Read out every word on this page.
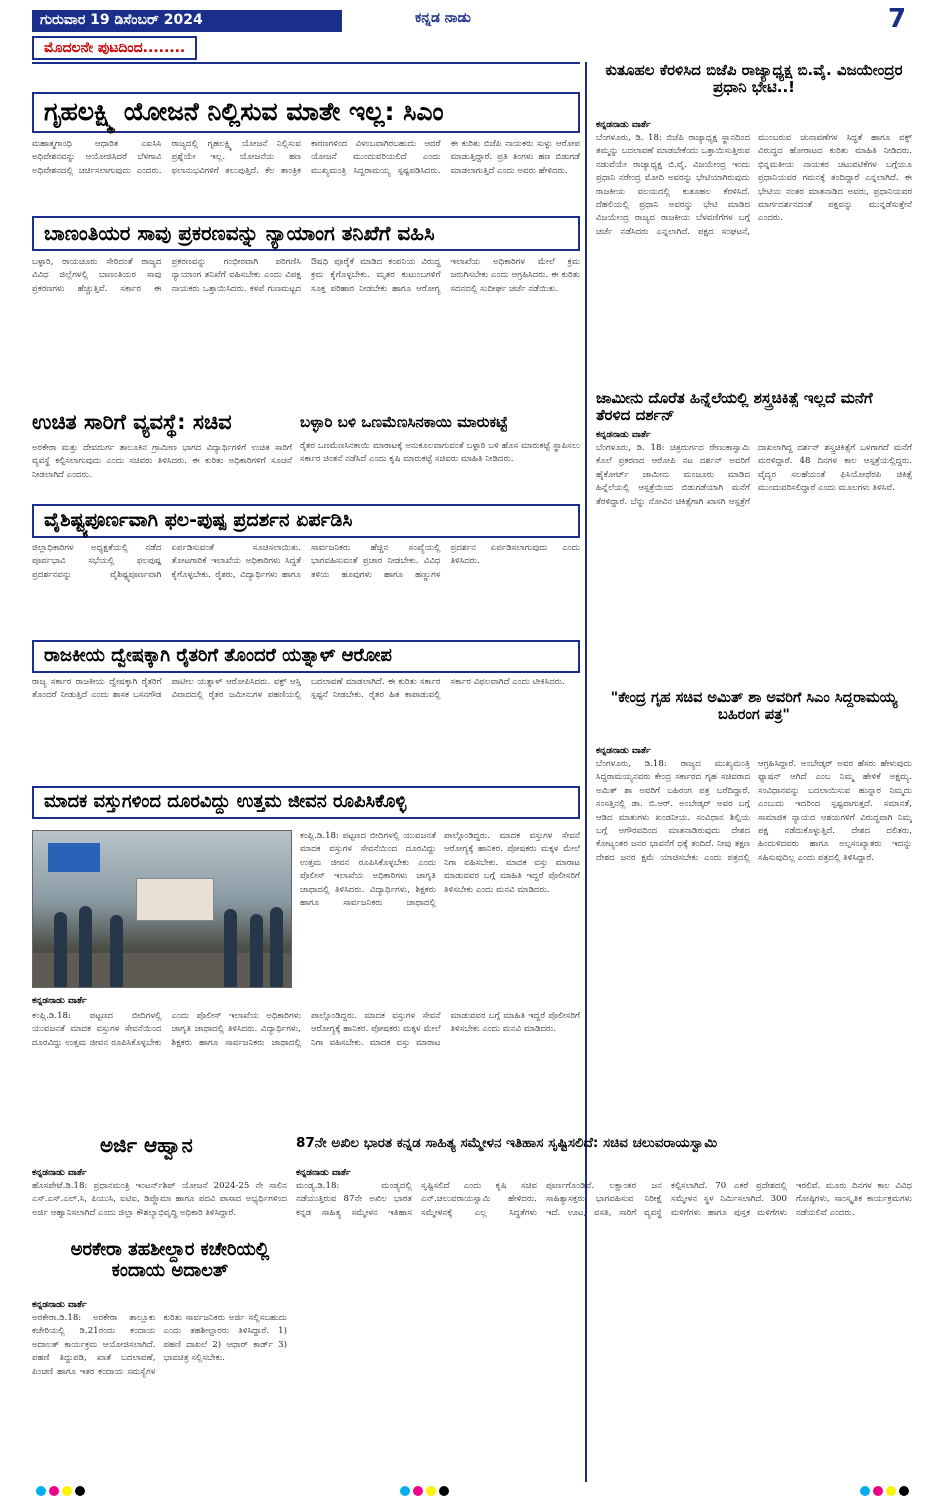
ಗುರುವಾರ 19 ಡಿಸೆಂಬರ್ 2024	ಕನ್ನಡ ನಾಡು	7
ಮೊದಲನೇ ಪುಟದಿಂದ........
ಗೃಹಲಕ್ಷ್ಮಿ ಯೋಜನೆ ನಿಲ್ಲಿಸುವ ಮಾತೇ ಇಲ್ಲ: ಸಿಎಂ
ಮಹಾತ್ಮಗಾಂಧಿ ಆಧಾರಿತ ಎಐಸಿಸಿ ಅಧಿವೇಶನವನ್ನು ಆಯೋಜಿಸಿದರೆ ಬೆಳಗಾವಿ ಅಧಿವೇಶನದಲ್ಲಿ ಚರ್ಚಿಸಲಾಗುವುದು ಎಂದರು. ರಾಜ್ಯದಲ್ಲಿ ಗೃಹಲಕ್ಷ್ಮಿ ಯೋಜನೆ ನಿಲ್ಲಿಸುವ ಪ್ರಶ್ನೆಯೇ ಇಲ್ಲ. ಯೋಜನೆಯ ಹಣ ಫಲಾನುಭವಿಗಳಿಗೆ ತಲುಪುತ್ತಿದೆ. ಕೆಲ ತಾಂತ್ರಿಕ ಕಾರಣಗಳಿಂದ ವಿಳಂಬವಾಗಿರಬಹುದು ಆದರೆ ಯೋಜನೆ ಮುಂದುವರಿಯಲಿದೆ ಎಂದು ಮುಖ್ಯಮಂತ್ರಿ ಸಿದ್ದರಾಮಯ್ಯ ಸ್ಪಷ್ಟಪಡಿಸಿದರು. ಈ ಕುರಿತು ಬಿಜೆಪಿ ನಾಯಕರು ಸುಳ್ಳು ಆರೋಪ ಮಾಡುತ್ತಿದ್ದಾರೆ. ಪ್ರತಿ ತಿಂಗಳು ಹಣ ಬಿಡುಗಡೆ ಮಾಡಲಾಗುತ್ತಿದೆ ಎಂದು ಅವರು ಹೇಳಿದರು.
ಬಾಣಂತಿಯರ ಸಾವು ಪ್ರಕರಣವನ್ನು ನ್ಯಾಯಾಂಗ ತನಿಖೆಗೆ ವಹಿಸಿ
ಬಳ್ಳಾರಿ, ರಾಯಚೂರು ಸೇರಿದಂತೆ ರಾಜ್ಯದ ವಿವಿಧ ಜಿಲ್ಲೆಗಳಲ್ಲಿ ಬಾಣಂತಿಯರ ಸಾವು ಪ್ರಕರಣಗಳು ಹೆಚ್ಚುತ್ತಿವೆ. ಸರ್ಕಾರ ಈ ಪ್ರಕರಣವನ್ನು ಗಂಭೀರವಾಗಿ ಪರಿಗಣಿಸಿ ನ್ಯಾಯಾಂಗ ತನಿಖೆಗೆ ವಹಿಸಬೇಕು ಎಂದು ವಿಪಕ್ಷ ನಾಯಕರು ಒತ್ತಾಯಿಸಿದರು. ಕಳಪೆ ಗುಣಮಟ್ಟದ ಔಷಧಿ ಪೂರೈಕೆ ಮಾಡಿದ ಕಂಪನಿಯ ವಿರುದ್ಧ ಕ್ರಮ ಕೈಗೊಳ್ಳಬೇಕು. ಮೃತರ ಕುಟುಂಬಗಳಿಗೆ ಸೂಕ್ತ ಪರಿಹಾರ ನೀಡಬೇಕು ಹಾಗೂ ಆರೋಗ್ಯ ಇಲಾಖೆಯ ಅಧಿಕಾರಿಗಳ ಮೇಲೆ ಕ್ರಮ ಜರುಗಿಸಬೇಕು ಎಂದು ಆಗ್ರಹಿಸಿದರು. ಈ ಕುರಿತು ಸದನದಲ್ಲಿ ಸುದೀರ್ಘ ಚರ್ಚೆ ನಡೆಯಿತು.
ಉಚಿತ ಸಾರಿಗೆ ವ್ಯವಸ್ಥೆ: ಸಚಿವ
ಅರಕೇರಾ ಮತ್ತು ದೇವದುರ್ಗ ತಾಲೂಕಿನ ಗ್ರಾಮೀಣ ಭಾಗದ ವಿದ್ಯಾರ್ಥಿಗಳಿಗೆ ಉಚಿತ ಸಾರಿಗೆ ವ್ಯವಸ್ಥೆ ಕಲ್ಪಿಸಲಾಗುವುದು ಎಂದು ಸಚಿವರು ತಿಳಿಸಿದರು. ಈ ಕುರಿತು ಅಧಿಕಾರಿಗಳಿಗೆ ಸೂಚನೆ ನೀಡಲಾಗಿದೆ ಎಂದರು.
ಬಳ್ಳಾರಿ ಬಳಿ ಒಣಮೆಣಸಿನಕಾಯಿ ಮಾರುಕಟ್ಟೆ
ರೈತರ ಒಣಮೆಣಸಿನಕಾಯಿ ಮಾರಾಟಕ್ಕೆ ಅನುಕೂಲವಾಗುವಂತೆ ಬಳ್ಳಾರಿ ಬಳಿ ಹೊಸ ಮಾರುಕಟ್ಟೆ ಸ್ಥಾಪಿಸಲು ಸರ್ಕಾರ ಚಿಂತನೆ ನಡೆಸಿದೆ ಎಂದು ಕೃಷಿ ಮಾರುಕಟ್ಟೆ ಸಚಿವರು ಮಾಹಿತಿ ನೀಡಿದರು.
ವೈಶಿಷ್ಟ್ಯಪೂರ್ಣವಾಗಿ ಫಲ-ಪುಷ್ಪ ಪ್ರದರ್ಶನ ಏರ್ಪಡಿಸಿ
ಜಿಲ್ಲಾಧಿಕಾರಿಗಳ ಅಧ್ಯಕ್ಷತೆಯಲ್ಲಿ ನಡೆದ ಪೂರ್ವಭಾವಿ ಸಭೆಯಲ್ಲಿ ಫಲಪುಷ್ಪ ಪ್ರದರ್ಶನವನ್ನು ವೈಶಿಷ್ಟ್ಯಪೂರ್ಣವಾಗಿ ಏರ್ಪಡಿಸುವಂತೆ ಸೂಚಿಸಲಾಯಿತು. ತೋಟಗಾರಿಕೆ ಇಲಾಖೆಯ ಅಧಿಕಾರಿಗಳು ಸಿದ್ಧತೆ ಕೈಗೊಳ್ಳಬೇಕು. ರೈತರು, ವಿದ್ಯಾರ್ಥಿಗಳು ಹಾಗೂ ಸಾರ್ವಜನಿಕರು ಹೆಚ್ಚಿನ ಸಂಖ್ಯೆಯಲ್ಲಿ ಭಾಗವಹಿಸುವಂತೆ ಪ್ರಚಾರ ನೀಡಬೇಕು. ವಿವಿಧ ತಳಿಯ ಹೂವುಗಳು ಹಾಗೂ ಹಣ್ಣುಗಳ ಪ್ರದರ್ಶನ ಏರ್ಪಡಿಸಲಾಗುವುದು ಎಂದು ತಿಳಿಸಿದರು.
ರಾಜಕೀಯ ದ್ವೇಷಕ್ಕಾಗಿ ರೈತರಿಗೆ ತೊಂದರೆ ಯತ್ನಾಳ್ ಆರೋಪ
ರಾಜ್ಯ ಸರ್ಕಾರ ರಾಜಕೀಯ ದ್ವೇಷಕ್ಕಾಗಿ ರೈತರಿಗೆ ತೊಂದರೆ ನೀಡುತ್ತಿದೆ ಎಂದು ಶಾಸಕ ಬಸನಗೌಡ ಪಾಟೀಲ ಯತ್ನಾಳ್ ಆರೋಪಿಸಿದರು. ವಕ್ಫ್ ಆಸ್ತಿ ವಿವಾದದಲ್ಲಿ ರೈತರ ಜಮೀನುಗಳ ಪಹಣಿಯಲ್ಲಿ ಬದಲಾವಣೆ ಮಾಡಲಾಗಿದೆ. ಈ ಕುರಿತು ಸರ್ಕಾರ ಸ್ಪಷ್ಟನೆ ನೀಡಬೇಕು. ರೈತರ ಹಿತ ಕಾಪಾಡುವಲ್ಲಿ ಸರ್ಕಾರ ವಿಫಲವಾಗಿದೆ ಎಂದು ಟೀಕಿಸಿದರು.
ಮಾದಕ ವಸ್ತುಗಳಿಂದ ದೂರವಿದ್ದು ಉತ್ತಮ ಜೀವನ ರೂಪಿಸಿಕೊಳ್ಳಿ
ಕಂಪ್ಲಿ.ಡಿ.18: ಪಟ್ಟಣದ ಬೀದಿಗಳಲ್ಲಿ ಯುವಜನತೆ ಮಾದಕ ವಸ್ತುಗಳ ಸೇವನೆಯಿಂದ ದೂರವಿದ್ದು ಉತ್ತಮ ಜೀವನ ರೂಪಿಸಿಕೊಳ್ಳಬೇಕು ಎಂದು ಪೊಲೀಸ್ ಇಲಾಖೆಯ ಅಧಿಕಾರಿಗಳು ಜಾಗೃತಿ ಜಾಥಾದಲ್ಲಿ ತಿಳಿಸಿದರು. ವಿದ್ಯಾರ್ಥಿಗಳು, ಶಿಕ್ಷಕರು ಹಾಗೂ ಸಾರ್ವಜನಿಕರು ಜಾಥಾದಲ್ಲಿ ಪಾಲ್ಗೊಂಡಿದ್ದರು. ಮಾದಕ ವಸ್ತುಗಳ ಸೇವನೆ ಆರೋಗ್ಯಕ್ಕೆ ಹಾನಿಕರ. ಪೋಷಕರು ಮಕ್ಕಳ ಮೇಲೆ ನಿಗಾ ವಹಿಸಬೇಕು. ಮಾದಕ ವಸ್ತು ಮಾರಾಟ ಮಾಡುವವರ ಬಗ್ಗೆ ಮಾಹಿತಿ ಇದ್ದರೆ ಪೊಲೀಸರಿಗೆ ತಿಳಿಸಬೇಕು ಎಂದು ಮನವಿ ಮಾಡಿದರು.
ಕನ್ನಡನಾಡು ವಾರ್ತೆ
ಕಂಪ್ಲಿ.ಡಿ.18: ಪಟ್ಟಣದ ಬೀದಿಗಳಲ್ಲಿ ಯುವಜನತೆ ಮಾದಕ ವಸ್ತುಗಳ ಸೇವನೆಯಿಂದ ದೂರವಿದ್ದು ಉತ್ತಮ ಜೀವನ ರೂಪಿಸಿಕೊಳ್ಳಬೇಕು ಎಂದು ಪೊಲೀಸ್ ಇಲಾಖೆಯ ಅಧಿಕಾರಿಗಳು ಜಾಗೃತಿ ಜಾಥಾದಲ್ಲಿ ತಿಳಿಸಿದರು. ವಿದ್ಯಾರ್ಥಿಗಳು, ಶಿಕ್ಷಕರು ಹಾಗೂ ಸಾರ್ವಜನಿಕರು ಜಾಥಾದಲ್ಲಿ ಪಾಲ್ಗೊಂಡಿದ್ದರು. ಮಾದಕ ವಸ್ತುಗಳ ಸೇವನೆ ಆರೋಗ್ಯಕ್ಕೆ ಹಾನಿಕರ. ಪೋಷಕರು ಮಕ್ಕಳ ಮೇಲೆ ನಿಗಾ ವಹಿಸಬೇಕು. ಮಾದಕ ವಸ್ತು ಮಾರಾಟ ಮಾಡುವವರ ಬಗ್ಗೆ ಮಾಹಿತಿ ಇದ್ದರೆ ಪೊಲೀಸರಿಗೆ ತಿಳಿಸಬೇಕು ಎಂದು ಮನವಿ ಮಾಡಿದರು.
ಅರ್ಜಿ ಆಹ್ವಾನ
ಕನ್ನಡನಾಡು ವಾರ್ತೆ
ಹೊಸಪೇಟೆ.ಡಿ.18: ಪ್ರಧಾನಮಂತ್ರಿ ಇಂಟರ್ನ್‌ಶಿಪ್ ಯೋಜನೆ 2024-25 ನೇ ಸಾಲಿನ ಎಸ್.ಎಸ್.ಎಲ್.ಸಿ, ಪಿಯುಸಿ, ಐಟಿಐ, ಡಿಪ್ಲೊಮಾ ಹಾಗೂ ಪದವಿ ಪಾಸಾದ ಅಭ್ಯರ್ಥಿಗಳಿಂದ ಅರ್ಜಿ ಆಹ್ವಾನಿಸಲಾಗಿದೆ ಎಂದು ಜಿಲ್ಲಾ ಕೌಶಲ್ಯಾಭಿವೃದ್ಧಿ ಅಧಿಕಾರಿ ತಿಳಿಸಿದ್ದಾರೆ.
ಅರಕೇರಾ ತಹಶೀಲ್ದಾರ ಕಚೇರಿಯಲ್ಲಿ ಕಂದಾಯ ಅದಾಲತ್
ಕನ್ನಡನಾಡು ವಾರ್ತೆ
ಅರಕೇರಾ.ಡಿ.18: ಅರಕೇರಾ ತಾಲ್ಲೂಕು ಕಚೇರಿಯಲ್ಲಿ ಡಿ.21ರಂದು ಕಂದಾಯ ಅದಾಲತ್ ಕಾರ್ಯಕ್ರಮ ಆಯೋಜಿಸಲಾಗಿದೆ. ಪಹಣಿ ತಿದ್ದುಪಡಿ, ಖಾತೆ ಬದಲಾವಣೆ, ಪಿಂಚಣಿ ಹಾಗೂ ಇತರ ಕಂದಾಯ ಸಮಸ್ಯೆಗಳ ಕುರಿತು ಸಾರ್ವಜನಿಕರು ಅರ್ಜಿ ಸಲ್ಲಿಸಬಹುದು ಎಂದು ತಹಶೀಲ್ದಾರರು ತಿಳಿಸಿದ್ದಾರೆ. 1) ಪಹಣಿ ದಾಖಲೆ 2) ಆಧಾರ್ ಕಾರ್ಡ್ 3) ಭಾವಚಿತ್ರ ಸಲ್ಲಿಸಬೇಕು.
87ನೇ ಅಖಿಲ ಭಾರತ ಕನ್ನಡ ಸಾಹಿತ್ಯ ಸಮ್ಮೇಳನ ಇತಿಹಾಸ ಸೃಷ್ಟಿಸಲಿದೆ: ಸಚಿವ ಚಲುವರಾಯಸ್ವಾಮಿ
ಕನ್ನಡನಾಡು ವಾರ್ತೆ
ಮಂಡ್ಯ.ಡಿ.18: ಮಂಡ್ಯದಲ್ಲಿ ನಡೆಯುತ್ತಿರುವ 87ನೇ ಅಖಿಲ ಭಾರತ ಕನ್ನಡ ಸಾಹಿತ್ಯ ಸಮ್ಮೇಳನ ಇತಿಹಾಸ ಸೃಷ್ಟಿಸಲಿದೆ ಎಂದು ಕೃಷಿ ಸಚಿವ ಎನ್.ಚಲುವರಾಯಸ್ವಾಮಿ ಹೇಳಿದರು. ಸಮ್ಮೇಳನಕ್ಕೆ ಎಲ್ಲ ಸಿದ್ಧತೆಗಳು ಪೂರ್ಣಗೊಂಡಿವೆ. ಲಕ್ಷಾಂತರ ಜನ ಸಾಹಿತ್ಯಾಸಕ್ತರು ಭಾಗವಹಿಸುವ ನಿರೀಕ್ಷೆ ಇದೆ. ಊಟ, ವಸತಿ, ಸಾರಿಗೆ ವ್ಯವಸ್ಥೆ ಕಲ್ಪಿಸಲಾಗಿದೆ. 70 ಎಕರೆ ಪ್ರದೇಶದಲ್ಲಿ ಸಮ್ಮೇಳನ ಸ್ಥಳ ನಿರ್ಮಿಸಲಾಗಿದೆ. 300 ಮಳಿಗೆಗಳು ಹಾಗೂ ಪುಸ್ತಕ ಮಳಿಗೆಗಳು ಇರಲಿವೆ. ಮೂರು ದಿನಗಳ ಕಾಲ ವಿವಿಧ ಗೋಷ್ಠಿಗಳು, ಸಾಂಸ್ಕೃತಿಕ ಕಾರ್ಯಕ್ರಮಗಳು ನಡೆಯಲಿವೆ ಎಂದರು.
ಕುತೂಹಲ ಕೆರಳಿಸಿದ ಬಿಜೆಪಿ ರಾಜ್ಯಾಧ್ಯಕ್ಷ ಬಿ.ವೈ. ವಿಜಯೇಂದ್ರರ ಪ್ರಧಾನಿ ಭೇಟಿ..!
ಕನ್ನಡನಾಡು ವಾರ್ತೆ
ಬೆಂಗಳೂರು, ಡಿ. 18: ಬಿಜೆಪಿ ರಾಜ್ಯಾಧ್ಯಕ್ಷ ಸ್ಥಾನದಿಂದ ತಮ್ಮನ್ನು ಬದಲಾವಣೆ ಮಾಡಬೇಕೆಂದು ಒತ್ತಾಯಿಸುತ್ತಿರುವ ನಡುವೆಯೇ ರಾಜ್ಯಾಧ್ಯಕ್ಷ ಬಿ.ವೈ. ವಿಜಯೇಂದ್ರ ಇಂದು ಪ್ರಧಾನಿ ನರೇಂದ್ರ ಮೋದಿ ಅವರನ್ನು ಭೇಟಿಯಾಗಿರುವುದು ರಾಜಕೀಯ ವಲಯದಲ್ಲಿ ಕುತೂಹಲ ಕೆರಳಿಸಿದೆ. ದೆಹಲಿಯಲ್ಲಿ ಪ್ರಧಾನಿ ಅವರನ್ನು ಭೇಟಿ ಮಾಡಿದ ವಿಜಯೇಂದ್ರ ರಾಜ್ಯದ ರಾಜಕೀಯ ಬೆಳವಣಿಗೆಗಳ ಬಗ್ಗೆ ಚರ್ಚೆ ನಡೆಸಿದರು ಎನ್ನಲಾಗಿದೆ. ಪಕ್ಷದ ಸಂಘಟನೆ, ಮುಂಬರುವ ಚುನಾವಣೆಗಳ ಸಿದ್ಧತೆ ಹಾಗೂ ವಕ್ಫ್ ವಿರುದ್ಧದ ಹೋರಾಟದ ಕುರಿತು ಮಾಹಿತಿ ನೀಡಿದರು. ಭಿನ್ನಮತೀಯ ನಾಯಕರ ಚಟುವಟಿಕೆಗಳ ಬಗ್ಗೆಯೂ ಪ್ರಧಾನಿಯವರ ಗಮನಕ್ಕೆ ತಂದಿದ್ದಾರೆ ಎನ್ನಲಾಗಿದೆ. ಈ ಭೇಟಿಯ ನಂತರ ಮಾತನಾಡಿದ ಅವರು, ಪ್ರಧಾನಿಯವರ ಮಾರ್ಗದರ್ಶನದಂತೆ ಪಕ್ಷವನ್ನು ಮುನ್ನಡೆಸುತ್ತೇನೆ ಎಂದರು.
ಜಾಮೀನು ದೊರೆತ ಹಿನ್ನೆಲೆಯಲ್ಲಿ ಶಸ್ತ್ರಚಿಕಿತ್ಸೆ ಇಲ್ಲದೆ ಮನೆಗೆ ತೆರಳಿದ ದರ್ಶನ್
ಕನ್ನಡನಾಡು ವಾರ್ತೆ
ಬೆಂಗಳೂರು, ಡಿ. 18: ಚಿತ್ರದುರ್ಗದ ರೇಣುಕಾಸ್ವಾಮಿ ಕೊಲೆ ಪ್ರಕರಣದ ಆರೋಪಿ ನಟ ದರ್ಶನ್ ಅವರಿಗೆ ಹೈಕೋರ್ಟ್ ಜಾಮೀನು ಮಂಜೂರು ಮಾಡಿದ ಹಿನ್ನೆಲೆಯಲ್ಲಿ ಆಸ್ಪತ್ರೆಯಿಂದ ಬಿಡುಗಡೆಯಾಗಿ ಮನೆಗೆ ತೆರಳಿದ್ದಾರೆ. ಬೆನ್ನು ನೋವಿನ ಚಿಕಿತ್ಸೆಗಾಗಿ ಖಾಸಗಿ ಆಸ್ಪತ್ರೆಗೆ ದಾಖಲಾಗಿದ್ದ ದರ್ಶನ್ ಶಸ್ತ್ರಚಿಕಿತ್ಸೆಗೆ ಒಳಗಾಗದೆ ಮನೆಗೆ ಮರಳಿದ್ದಾರೆ. 48 ದಿನಗಳ ಕಾಲ ಆಸ್ಪತ್ರೆಯಲ್ಲಿದ್ದರು. ವೈದ್ಯರ ಸಲಹೆಯಂತೆ ಫಿಸಿಯೋಥೆರಪಿ ಚಿಕಿತ್ಸೆ ಮುಂದುವರಿಸಲಿದ್ದಾರೆ ಎಂದು ಮೂಲಗಳು ತಿಳಿಸಿವೆ.
"ಕೇಂದ್ರ ಗೃಹ ಸಚಿವ ಅಮಿತ್ ಶಾ ಅವರಿಗೆ ಸಿಎಂ ಸಿದ್ದರಾಮಯ್ಯ ಬಹಿರಂಗ ಪತ್ರ"
ಕನ್ನಡನಾಡು ವಾರ್ತೆ
ಬೆಂಗಳೂರು, ಡಿ.18: ರಾಜ್ಯದ ಮುಖ್ಯಮಂತ್ರಿ ಸಿದ್ದರಾಮಯ್ಯನವರು ಕೇಂದ್ರ ಸರ್ಕಾರದ ಗೃಹ ಸಚಿವರಾದ ಅಮಿತ್ ಶಾ ಅವರಿಗೆ ಬಹಿರಂಗ ಪತ್ರ ಬರೆದಿದ್ದಾರೆ. ಸಂಸತ್ತಿನಲ್ಲಿ ಡಾ. ಬಿ.ಆರ್. ಅಂಬೇಡ್ಕರ್ ಅವರ ಬಗ್ಗೆ ಆಡಿದ ಮಾತುಗಳು ಖಂಡನೀಯ. ಸಂವಿಧಾನ ಶಿಲ್ಪಿಯ ಬಗ್ಗೆ ಅಗೌರವದಿಂದ ಮಾತನಾಡಿರುವುದು ದೇಶದ ಕೋಟ್ಯಂತರ ಜನರ ಭಾವನೆಗೆ ಧಕ್ಕೆ ತಂದಿದೆ. ನೀವು ತಕ್ಷಣ ದೇಶದ ಜನರ ಕ್ಷಮೆ ಯಾಚಿಸಬೇಕು ಎಂದು ಪತ್ರದಲ್ಲಿ ಆಗ್ರಹಿಸಿದ್ದಾರೆ. ಅಂಬೇಡ್ಕರ್ ಅವರ ಹೆಸರು ಹೇಳುವುದು ಫ್ಯಾಷನ್ ಆಗಿದೆ ಎಂಬ ನಿಮ್ಮ ಹೇಳಿಕೆ ಅಕ್ಷಮ್ಯ. ಸಂವಿಧಾನವನ್ನು ಬದಲಾಯಿಸುವ ಹುನ್ನಾರ ನಿಮ್ಮದು ಎಂಬುದು ಇದರಿಂದ ಸ್ಪಷ್ಟವಾಗುತ್ತದೆ. ಸಮಾನತೆ, ಸಾಮಾಜಿಕ ನ್ಯಾಯದ ಆಶಯಗಳಿಗೆ ವಿರುದ್ಧವಾಗಿ ನಿಮ್ಮ ಪಕ್ಷ ನಡೆದುಕೊಳ್ಳುತ್ತಿದೆ. ದೇಶದ ದಲಿತರು, ಹಿಂದುಳಿದವರು ಹಾಗೂ ಅಲ್ಪಸಂಖ್ಯಾತರು ಇದನ್ನು ಸಹಿಸುವುದಿಲ್ಲ ಎಂದು ಪತ್ರದಲ್ಲಿ ತಿಳಿಸಿದ್ದಾರೆ.
